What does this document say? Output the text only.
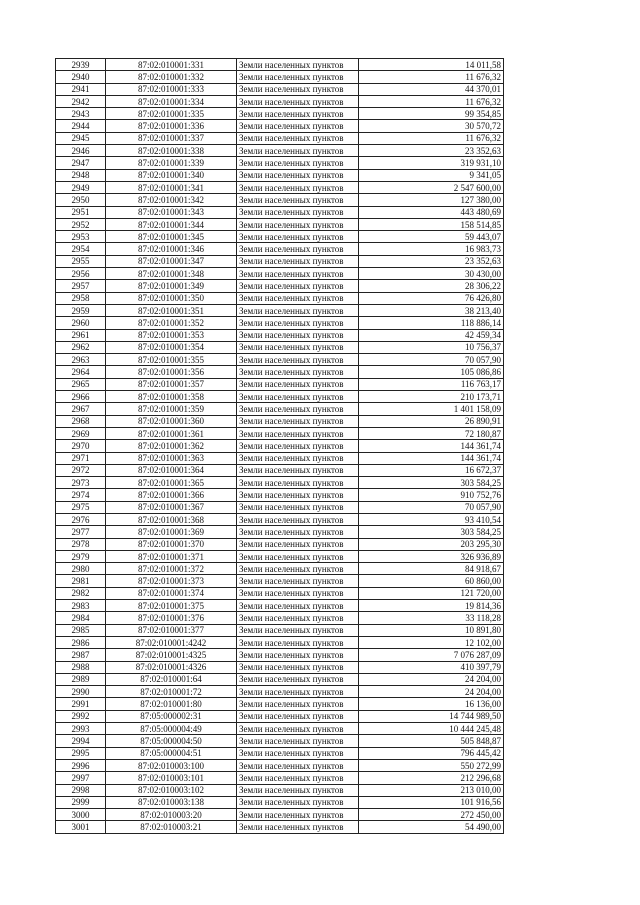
2939	87:02:010001:331	Земли населенных пунктов	14 011,58
2940	87:02:010001:332	Земли населенных пунктов	11 676,32
2941	87:02:010001:333	Земли населенных пунктов	44 370,01
2942	87:02:010001:334	Земли населенных пунктов	11 676,32
2943	87:02:010001:335	Земли населенных пунктов	99 354,85
2944	87:02:010001:336	Земли населенных пунктов	30 570,72
2945	87:02:010001:337	Земли населенных пунктов	11 676,32
2946	87:02:010001:338	Земли населенных пунктов	23 352,63
2947	87:02:010001:339	Земли населенных пунктов	319 931,10
2948	87:02:010001:340	Земли населенных пунктов	9 341,05
2949	87:02:010001:341	Земли населенных пунктов	2 547 600,00
2950	87:02:010001:342	Земли населенных пунктов	127 380,00
2951	87:02:010001:343	Земли населенных пунктов	443 480,69
2952	87:02:010001:344	Земли населенных пунктов	158 514,85
2953	87:02:010001:345	Земли населенных пунктов	59 443,07
2954	87:02:010001:346	Земли населенных пунктов	16 983,73
2955	87:02:010001:347	Земли населенных пунктов	23 352,63
2956	87:02:010001:348	Земли населенных пунктов	30 430,00
2957	87:02:010001:349	Земли населенных пунктов	28 306,22
2958	87:02:010001:350	Земли населенных пунктов	76 426,80
2959	87:02:010001:351	Земли населенных пунктов	38 213,40
2960	87:02:010001:352	Земли населенных пунктов	118 886,14
2961	87:02:010001:353	Земли населенных пунктов	42 459,34
2962	87:02:010001:354	Земли населенных пунктов	10 756,37
2963	87:02:010001:355	Земли населенных пунктов	70 057,90
2964	87:02:010001:356	Земли населенных пунктов	105 086,86
2965	87:02:010001:357	Земли населенных пунктов	116 763,17
2966	87:02:010001:358	Земли населенных пунктов	210 173,71
2967	87:02:010001:359	Земли населенных пунктов	1 401 158,09
2968	87:02:010001:360	Земли населенных пунктов	26 890,91
2969	87:02:010001:361	Земли населенных пунктов	72 180,87
2970	87:02:010001:362	Земли населенных пунктов	144 361,74
2971	87:02:010001:363	Земли населенных пунктов	144 361,74
2972	87:02:010001:364	Земли населенных пунктов	16 672,37
2973	87:02:010001:365	Земли населенных пунктов	303 584,25
2974	87:02:010001:366	Земли населенных пунктов	910 752,76
2975	87:02:010001:367	Земли населенных пунктов	70 057,90
2976	87:02:010001:368	Земли населенных пунктов	93 410,54
2977	87:02:010001:369	Земли населенных пунктов	303 584,25
2978	87:02:010001:370	Земли населенных пунктов	203 295,30
2979	87:02:010001:371	Земли населенных пунктов	326 936,89
2980	87:02:010001:372	Земли населенных пунктов	84 918,67
2981	87:02:010001:373	Земли населенных пунктов	60 860,00
2982	87:02:010001:374	Земли населенных пунктов	121 720,00
2983	87:02:010001:375	Земли населенных пунктов	19 814,36
2984	87:02:010001:376	Земли населенных пунктов	33 118,28
2985	87:02:010001:377	Земли населенных пунктов	10 891,80
2986	87:02:010001:4242	Земли населенных пунктов	12 102,00
2987	87:02:010001:4325	Земли населенных пунктов	7 076 287,09
2988	87:02:010001:4326	Земли населенных пунктов	410 397,79
2989	87:02:010001:64	Земли населенных пунктов	24 204,00
2990	87:02:010001:72	Земли населенных пунктов	24 204,00
2991	87:02:010001:80	Земли населенных пунктов	16 136,00
2992	87:05:000002:31	Земли населенных пунктов	14 744 989,50
2993	87:05:000004:49	Земли населенных пунктов	10 444 245,48
2994	87:05:000004:50	Земли населенных пунктов	505 848,87
2995	87:05:000004:51	Земли населенных пунктов	796 445,42
2996	87:02:010003:100	Земли населенных пунктов	550 272,99
2997	87:02:010003:101	Земли населенных пунктов	212 296,68
2998	87:02:010003:102	Земли населенных пунктов	213 010,00
2999	87:02:010003:138	Земли населенных пунктов	101 916,56
3000	87:02:010003:20	Земли населенных пунктов	272 450,00
3001	87:02:010003:21	Земли населенных пунктов	54 490,00
